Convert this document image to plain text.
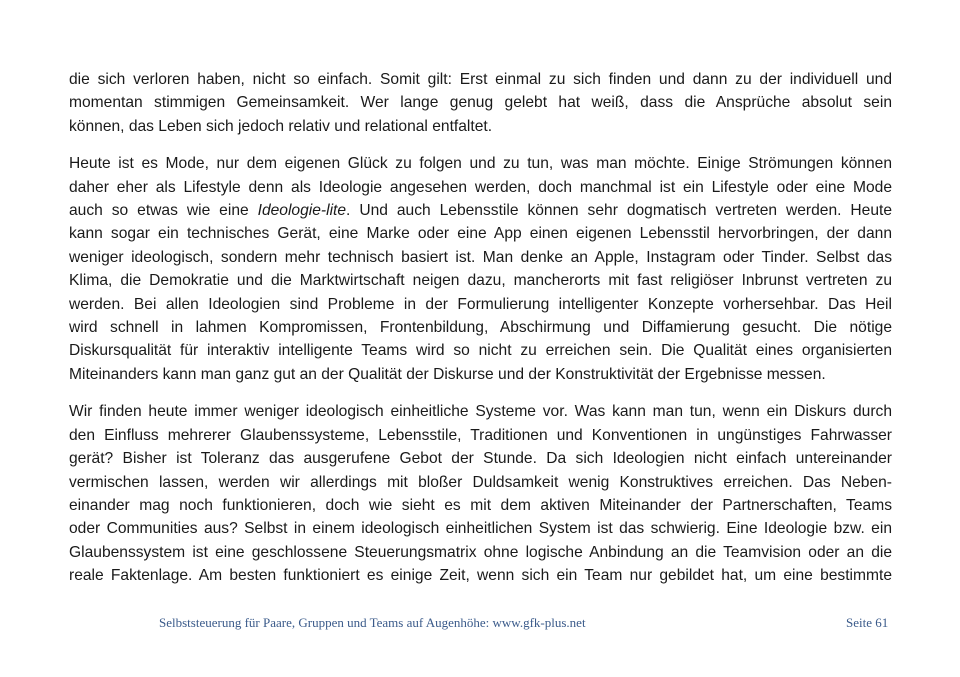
die sich verloren haben, nicht so einfach. Somit gilt: Erst einmal zu sich finden und dann zu der individuell und
momentan stimmigen Gemeinsamkeit. Wer lange genug gelebt hat weiß, dass die Ansprüche absolut sein
können, das Leben sich jedoch relativ und relational entfaltet.

Heute ist es Mode, nur dem eigenen Glück zu folgen und zu tun, was man möchte. Einige Strömungen können
daher eher als Lifestyle denn als Ideologie angesehen werden, doch manchmal ist ein Lifestyle oder eine Mode
auch so etwas wie eine Ideologie-lite. Und auch Lebensstile können sehr dogmatisch vertreten werden. Heute
kann sogar ein technisches Gerät, eine Marke oder eine App einen eigenen Lebensstil hervorbringen, der dann
weniger ideologisch, sondern mehr technisch basiert ist. Man denke an Apple, Instagram oder Tinder. Selbst das
Klima, die Demokratie und die Marktwirtschaft neigen dazu, mancherorts mit fast religiöser Inbrunst vertreten zu
werden. Bei allen Ideologien sind Probleme in der Formulierung intelligenter Konzepte vorhersehbar. Das Heil
wird schnell in lahmen Kompromissen, Frontenbildung, Abschirmung und Diffamierung gesucht. Die nötige
Diskursqualität für interaktiv intelligente Teams wird so nicht zu erreichen sein. Die Qualität eines organisierten
Miteinanders kann man ganz gut an der Qualität der Diskurse und der Konstruktivität der Ergebnisse messen.

Wir finden heute immer weniger ideologisch einheitliche Systeme vor. Was kann man tun, wenn ein Diskurs durch
den Einfluss mehrerer Glaubenssysteme, Lebensstile, Traditionen und Konventionen in ungünstiges Fahrwasser
gerät? Bisher ist Toleranz das ausgerufene Gebot der Stunde. Da sich Ideologien nicht einfach untereinander
vermischen lassen, werden wir allerdings mit bloßer Duldsamkeit wenig Konstruktives erreichen. Das Neben-
einander mag noch funktionieren, doch wie sieht es mit dem aktiven Miteinander der Partnerschaften, Teams
oder Communities aus? Selbst in einem ideologisch einheitlichen System ist das schwierig. Eine Ideologie bzw. ein
Glaubenssystem ist eine geschlossene Steuerungsmatrix ohne logische Anbindung an die Teamvision oder an die
reale Faktenlage. Am besten funktioniert es einige Zeit, wenn sich ein Team nur gebildet hat, um eine bestimmte

Selbststeuerung für Paare, Gruppen und Teams auf Augenhöhe: www.gfk-plus.net	Seite 61
